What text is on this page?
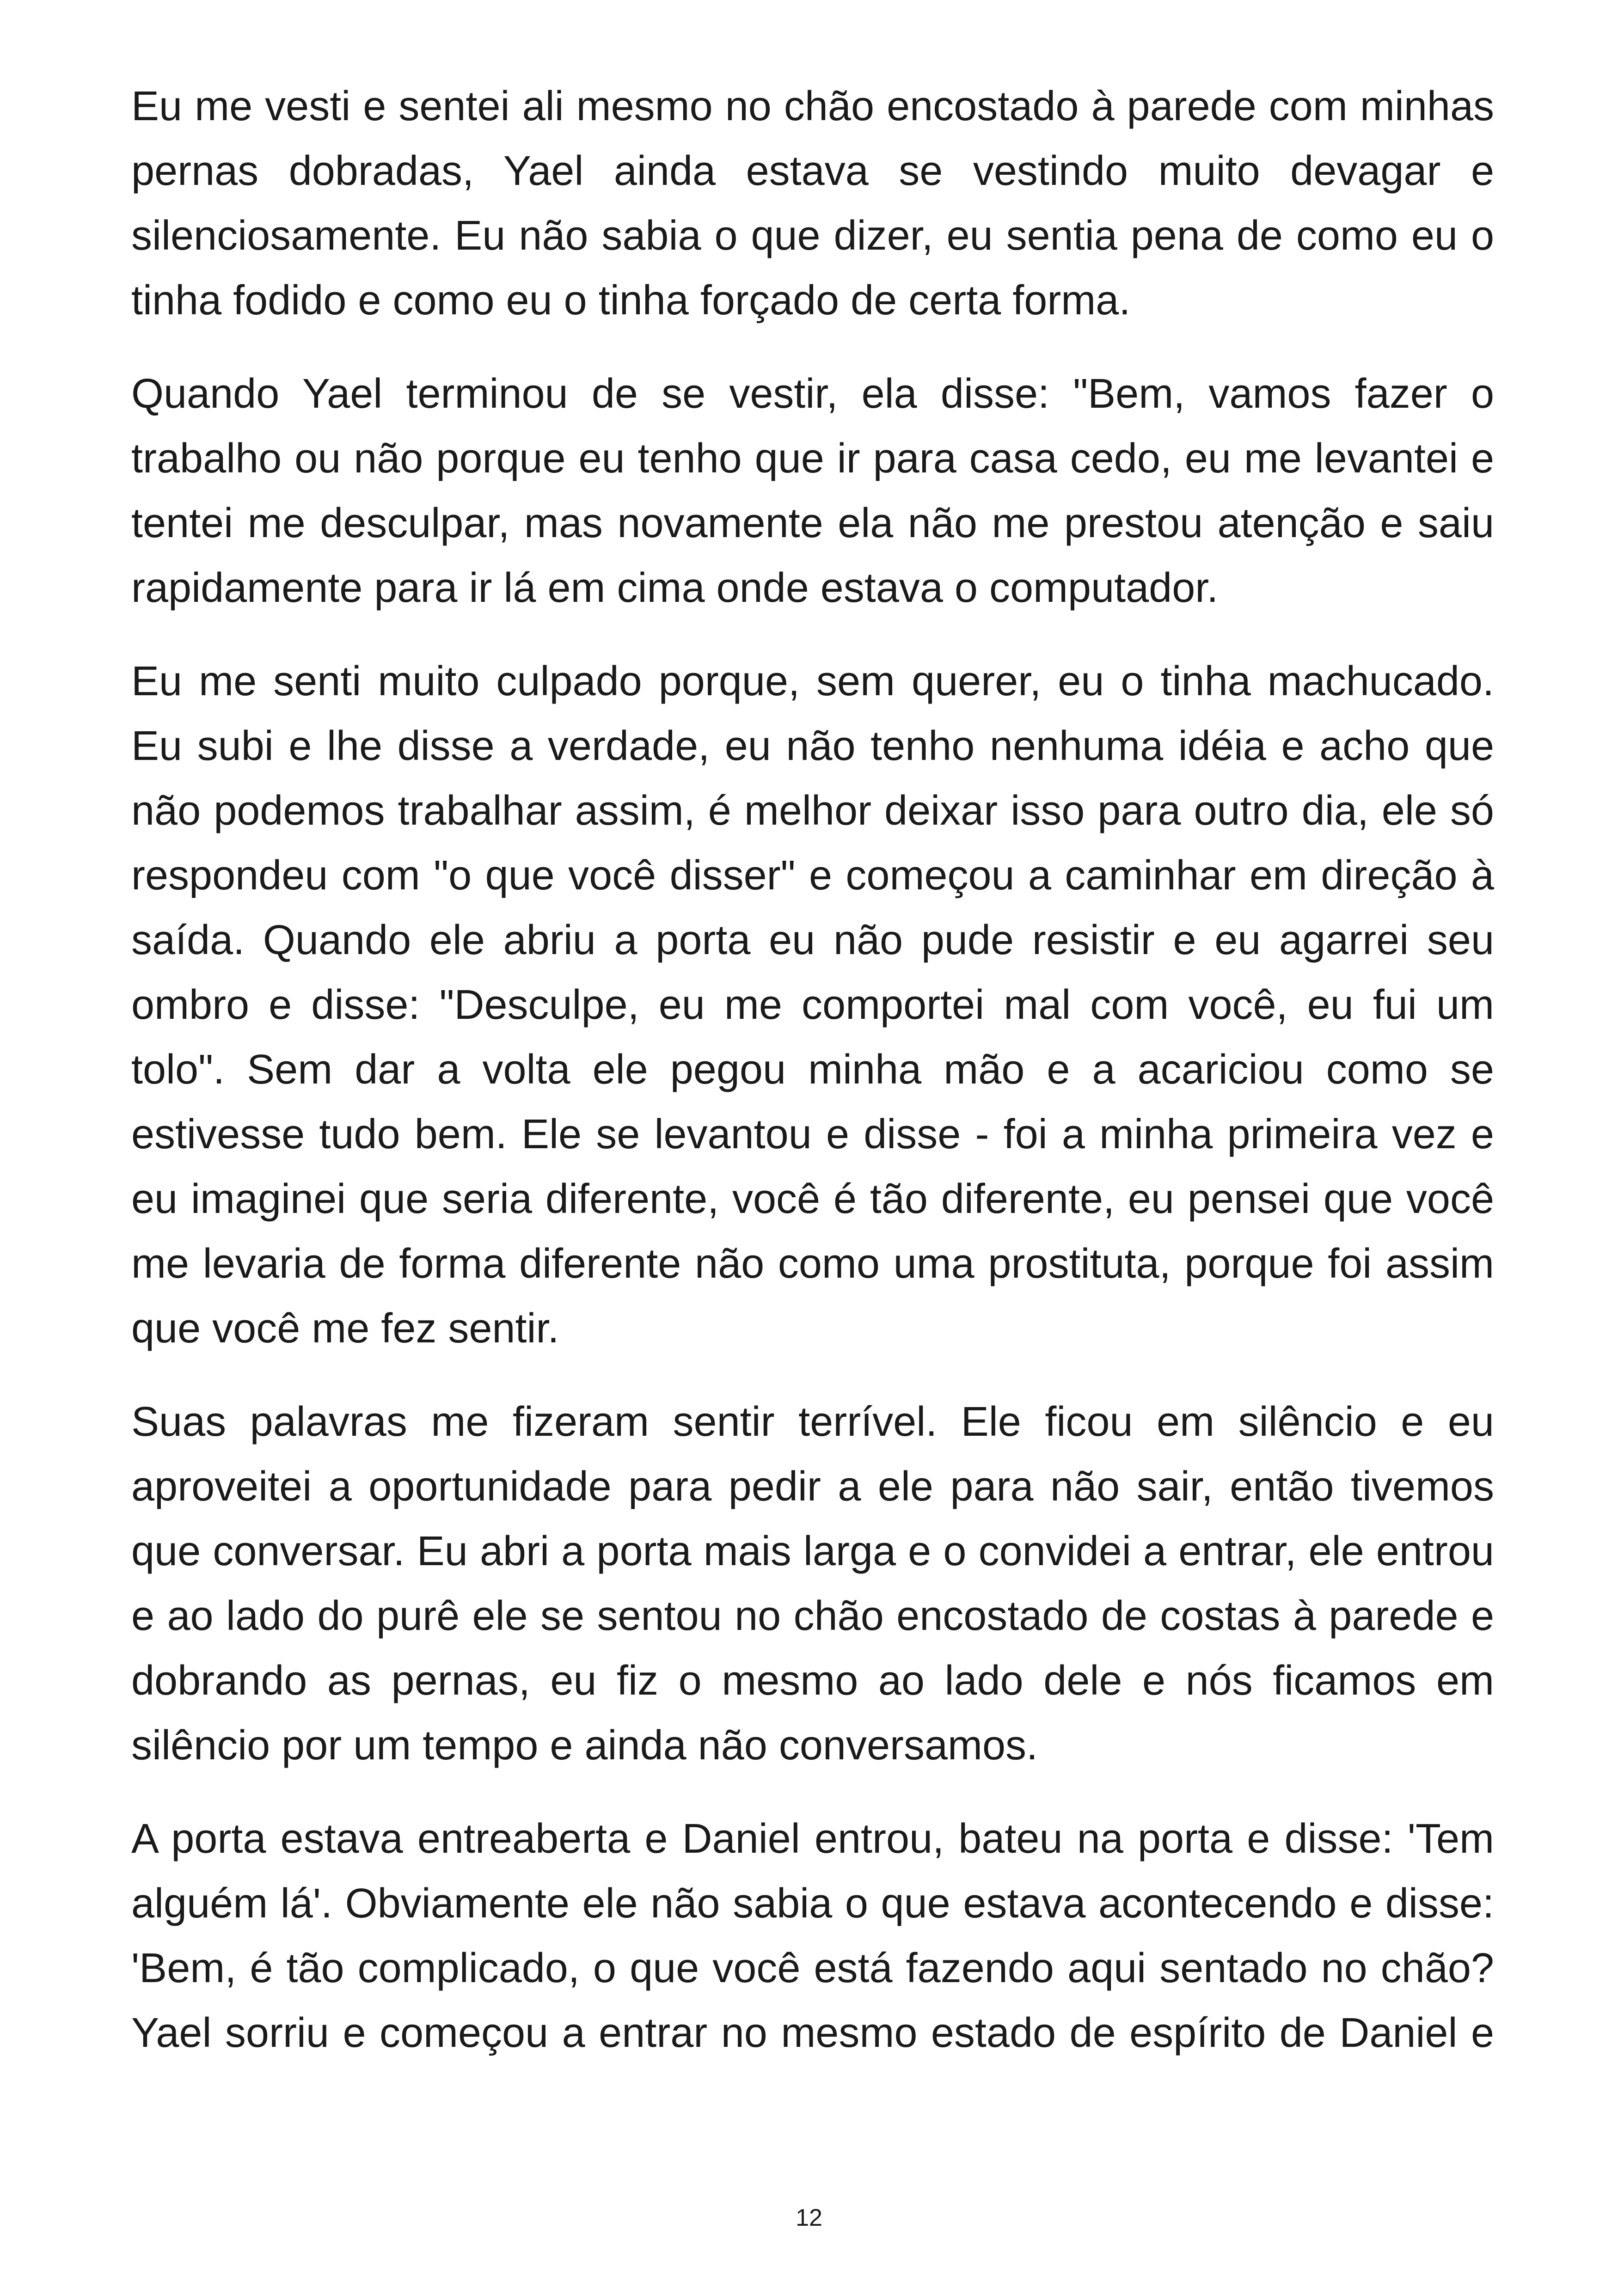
Eu me vesti e sentei ali mesmo no chão encostado à parede com minhas pernas dobradas, Yael ainda estava se vestindo muito devagar e silenciosamente. Eu não sabia o que dizer, eu sentia pena de como eu o tinha fodido e como eu o tinha forçado de certa forma.

Quando Yael terminou de se vestir, ela disse: "Bem, vamos fazer o trabalho ou não porque eu tenho que ir para casa cedo, eu me levantei e tentei me desculpar, mas novamente ela não me prestou atenção e saiu rapidamente para ir lá em cima onde estava o computador.

Eu me senti muito culpado porque, sem querer, eu o tinha machucado. Eu subi e lhe disse a verdade, eu não tenho nenhuma idéia e acho que não podemos trabalhar assim, é melhor deixar isso para outro dia, ele só respondeu com "o que você disser" e começou a caminhar em direção à saída. Quando ele abriu a porta eu não pude resistir e eu agarrei seu ombro e disse: "Desculpe, eu me comportei mal com você, eu fui um tolo". Sem dar a volta ele pegou minha mão e a acariciou como se estivesse tudo bem. Ele se levantou e disse - foi a minha primeira vez e eu imaginei que seria diferente, você é tão diferente, eu pensei que você me levaria de forma diferente não como uma prostituta, porque foi assim que você me fez sentir.

Suas palavras me fizeram sentir terrível. Ele ficou em silêncio e eu aproveitei a oportunidade para pedir a ele para não sair, então tivemos que conversar. Eu abri a porta mais larga e o convidei a entrar, ele entrou e ao lado do purê ele se sentou no chão encostado de costas à parede e dobrando as pernas, eu fiz o mesmo ao lado dele e nós ficamos em silêncio por um tempo e ainda não conversamos.

A porta estava entreaberta e Daniel entrou, bateu na porta e disse: 'Tem alguém lá'. Obviamente ele não sabia o que estava acontecendo e disse: 'Bem, é tão complicado, o que você está fazendo aqui sentado no chão? Yael sorriu e começou a entrar no mesmo estado de espírito de Daniel e

12
